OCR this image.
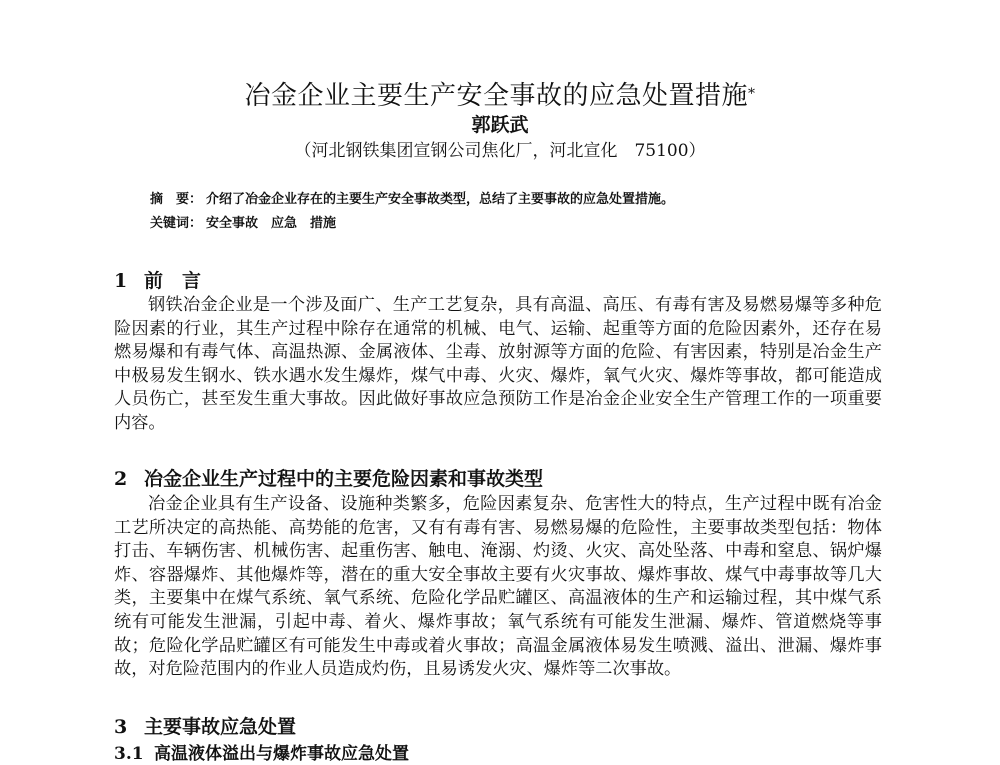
冶金企业主要生产安全事故的应急处置措施*
郭跃武
（河北钢铁集团宣钢公司焦化厂，河北宣化　75100）
摘　要： 介绍了冶金企业存在的主要生产安全事故类型，总结了主要事故的应急处置措施。
关键词： 安全事故　应急　措施
1 前　言

钢铁冶金企业是一个涉及面广、生产工艺复杂，具有高温、高压、有毒有害及易燃易爆等多种危险因素的行业，其生产过程中除存在通常的机械、电气、运输、起重等方面的危险因素外，还存在易燃易爆和有毒气体、高温热源、金属液体、尘毒、放射源等方面的危险、有害因素，特别是冶金生产中极易发生钢水、铁水遇水发生爆炸，煤气中毒、火灾、爆炸，氧气火灾、爆炸等事故，都可能造成人员伤亡，甚至发生重大事故。因此做好事故应急预防工作是冶金企业安全生产管理工作的一项重要内容。

2 冶金企业生产过程中的主要危险因素和事故类型

冶金企业具有生产设备、设施种类繁多，危险因素复杂、危害性大的特点，生产过程中既有冶金工艺所决定的高热能、高势能的危害，又有有毒有害、易燃易爆的危险性，主要事故类型包括：物体打击、车辆伤害、机械伤害、起重伤害、触电、淹溺、灼烫、火灾、高处坠落、中毒和窒息、锅炉爆炸、容器爆炸、其他爆炸等，潜在的重大安全事故主要有火灾事故、爆炸事故、煤气中毒事故等几大类，主要集中在煤气系统、氧气系统、危险化学品贮罐区、高温液体的生产和运输过程，其中煤气系统有可能发生泄漏，引起中毒、着火、爆炸事故；氧气系统有可能发生泄漏、爆炸、管道燃烧等事故；危险化学品贮罐区有可能发生中毒或着火事故；高温金属液体易发生喷溅、溢出、泄漏、爆炸事故，对危险范围内的作业人员造成灼伤，且易诱发火灾、爆炸等二次事故。

3 主要事故应急处置
3.1 高温液体溢出与爆炸事故应急处置
